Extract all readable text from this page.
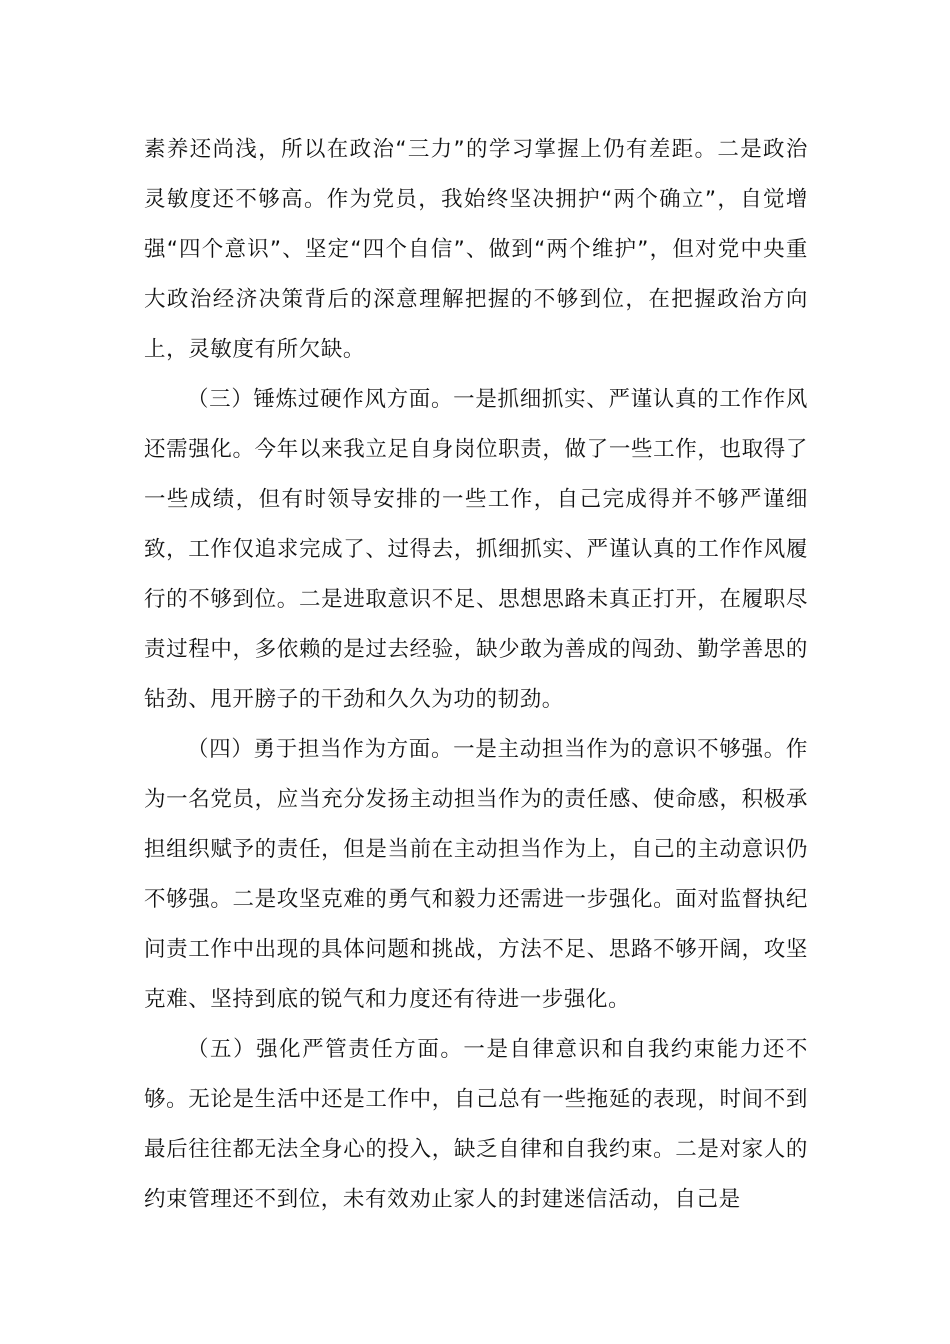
素养还尚浅，所以在政治“三力”的学习掌握上仍有差距。二是政治灵敏度还不够高。作为党员，我始终坚决拥护“两个确立”，自觉增强“四个意识”、坚定“四个自信”、做到“两个维护”，但对党中央重大政治经济决策背后的深意理解把握的不够到位，在把握政治方向上，灵敏度有所欠缺。

（三）锤炼过硬作风方面。一是抓细抓实、严谨认真的工作作风还需强化。今年以来我立足自身岗位职责，做了一些工作，也取得了一些成绩，但有时领导安排的一些工作，自己完成得并不够严谨细致，工作仅追求完成了、过得去，抓细抓实、严谨认真的工作作风履行的不够到位。二是进取意识不足、思想思路未真正打开，在履职尽责过程中，多依赖的是过去经验，缺少敢为善成的闯劲、勤学善思的钻劲、甩开膀子的干劲和久久为功的韧劲。

（四）勇于担当作为方面。一是主动担当作为的意识不够强。作为一名党员，应当充分发扬主动担当作为的责任感、使命感，积极承担组织赋予的责任，但是当前在主动担当作为上，自己的主动意识仍不够强。二是攻坚克难的勇气和毅力还需进一步强化。面对监督执纪问责工作中出现的具体问题和挑战，方法不足、思路不够开阔，攻坚克难、坚持到底的锐气和力度还有待进一步强化。

（五）强化严管责任方面。一是自律意识和自我约束能力还不够。无论是生活中还是工作中，自己总有一些拖延的表现，时间不到最后往往都无法全身心的投入，缺乏自律和自我约束。二是对家人的约束管理还不到位，未有效劝止家人的封建迷信活动，自己是
